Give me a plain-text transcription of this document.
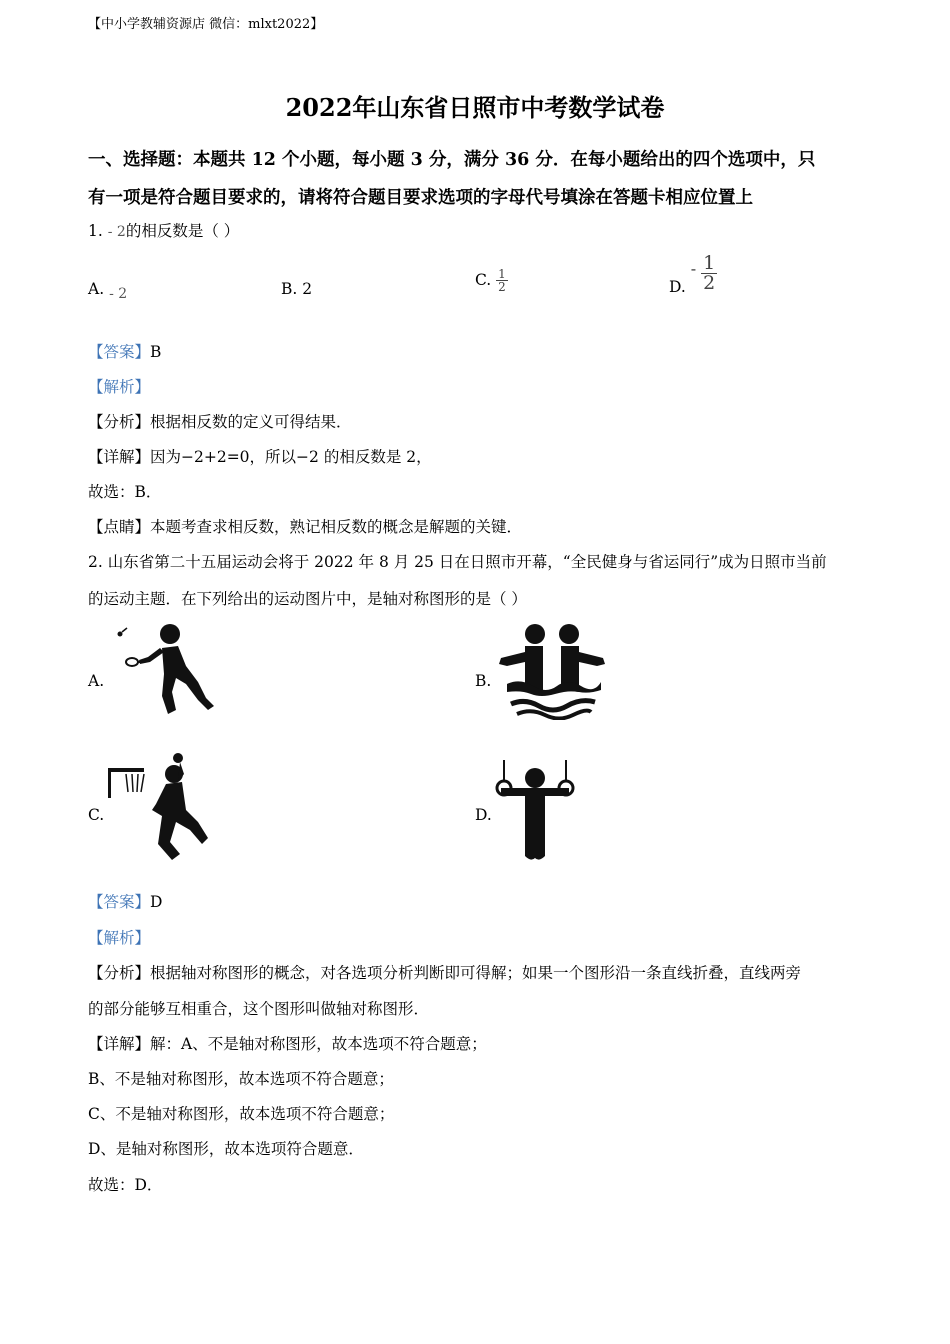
【中小学教辅资源店 微信：mlxt2022】
2022年山东省日照市中考数学试卷
一、选择题：本题共 12 个小题，每小题 3 分，满分 36 分．在每小题给出的四个选项中，只
有一项是符合题目要求的，请将符合题目要求选项的字母代号填涂在答题卡相应位置上
1. - 2的相反数是（ ）
A. - 2	B. 2
C. $\frac{1}{2}$	D. - $\frac{1}{2}$
【答案】B
【解析】
【分析】根据相反数的定义可得结果．
【详解】因为−2+2=0，所以−2 的相反数是 2，
故选：B．
【点睛】本题考查求相反数，熟记相反数的概念是解题的关键．
2. 山东省第二十五届运动会将于 2022 年 8 月 25 日在日照市开幕，“全民健身与省运同行”成为日照市当前
的运动主题．在下列给出的运动图片中，是轴对称图形的是（ ）
A.	B.
C.	D.
【答案】D
【解析】
【分析】根据轴对称图形的概念，对各选项分析判断即可得解；如果一个图形沿一条直线折叠，直线两旁
的部分能够互相重合，这个图形叫做轴对称图形．
【详解】解：A、不是轴对称图形，故本选项不符合题意；
B、不是轴对称图形，故本选项不符合题意；
C、不是轴对称图形，故本选项不符合题意；
D、是轴对称图形，故本选项符合题意．
故选：D．
